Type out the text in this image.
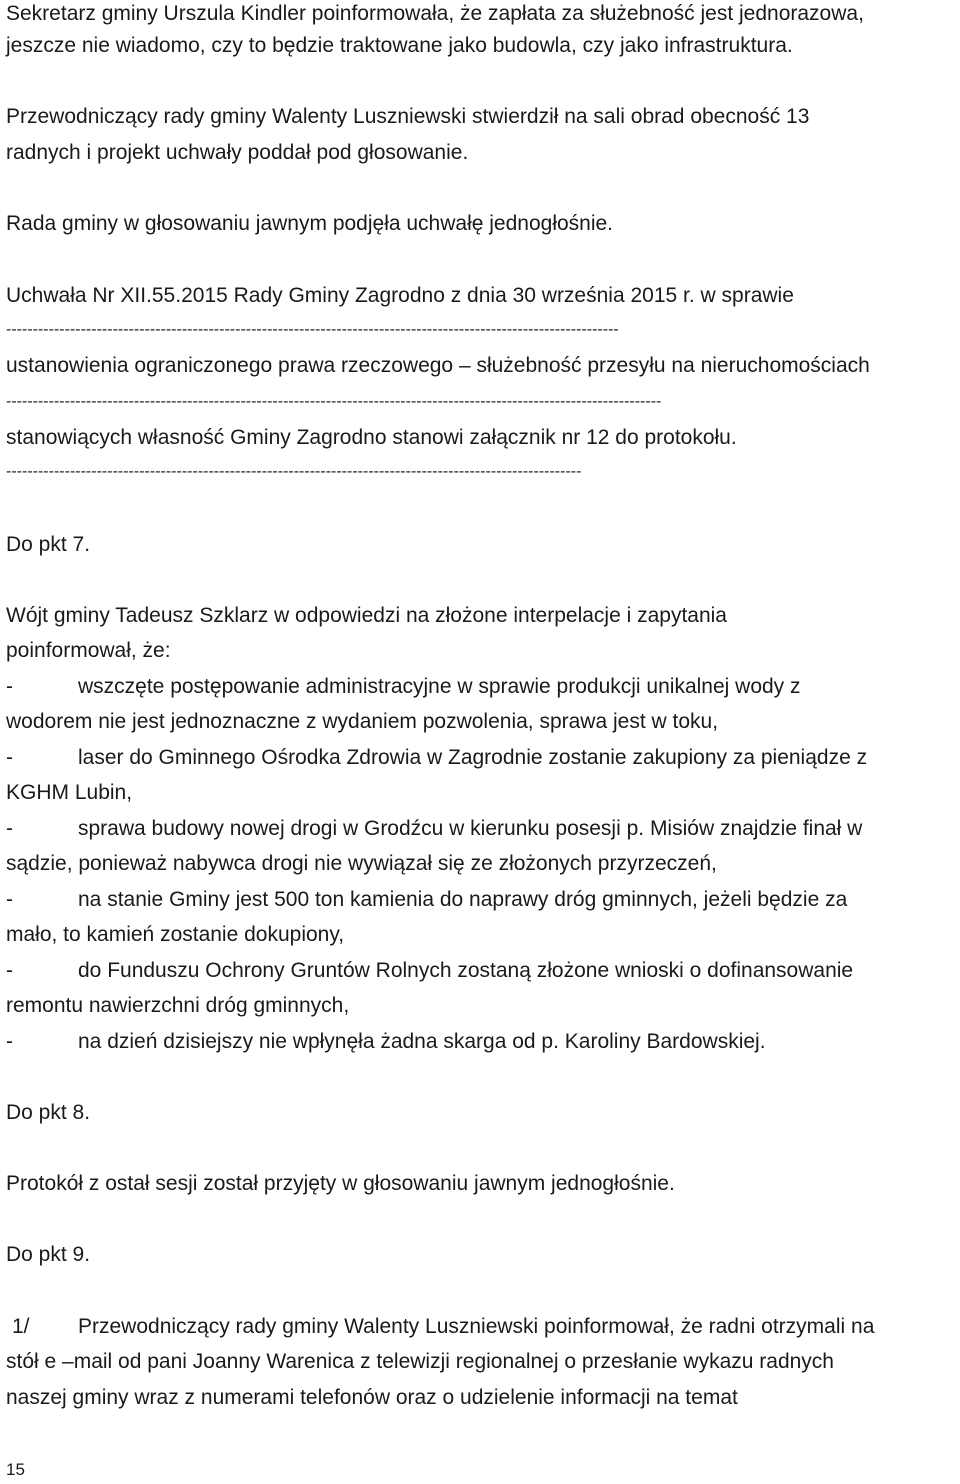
Sekretarz gminy Urszula Kindler poinformowała, że zapłata za służebność jest jednorazowa,
jeszcze nie wiadomo, czy to będzie traktowane jako budowla, czy jako infrastruktura.
Przewodniczący rady gminy Walenty Luszniewski stwierdził na sali obrad obecność 13
radnych i projekt uchwały poddał pod głosowanie.
Rada gminy w głosowaniu jawnym podjęła uchwałę jednogłośnie.
Uchwała Nr XII.55.2015 Rady Gminy Zagrodno z dnia 30 września 2015 r. w sprawie
-------------------------------------------------------------------------------------------------------------------
ustanowienia ograniczonego prawa rzeczowego – służebność przesyłu na nieruchomościach
---------------------------------------------------------------------------------------------------------------------------
stanowiących własność Gminy Zagrodno stanowi załącznik nr 12 do protokołu.
------------------------------------------------------------------------------------------------------------
Do pkt 7.
Wójt gminy Tadeusz Szklarz w odpowiedzi na złożone interpelacje i zapytania
poinformował, że:
-	wszczęte postępowanie administracyjne w sprawie produkcji unikalnej wody z
wodorem nie jest jednoznaczne z wydaniem pozwolenia, sprawa jest w toku,
-	laser do Gminnego Ośrodka Zdrowia w Zagrodnie zostanie zakupiony za pieniądze z
KGHM Lubin,
-	sprawa budowy nowej drogi w Grodźcu w kierunku posesji p. Misiów znajdzie finał w
sądzie, ponieważ nabywca drogi nie wywiązał się ze złożonych przyrzeczeń,
-	na stanie Gminy jest 500 ton kamienia do naprawy dróg gminnych, jeżeli będzie za
mało, to kamień zostanie dokupiony,
-	do Funduszu Ochrony Gruntów Rolnych zostaną złożone wnioski o dofinansowanie
remontu nawierzchni dróg gminnych,
-	na dzień dzisiejszy nie wpłynęła żadna skarga od p. Karoliny Bardowskiej.
Do pkt 8.
Protokół z ostał sesji został przyjęty w głosowaniu jawnym jednogłośnie.
Do pkt 9.
1/ Przewodniczący rady gminy Walenty Luszniewski poinformował, że radni otrzymali na
stół e –mail od pani Joanny Warenica z telewizji regionalnej o przesłanie wykazu radnych
naszej gminy wraz z numerami telefonów oraz o udzielenie informacji na temat
15
